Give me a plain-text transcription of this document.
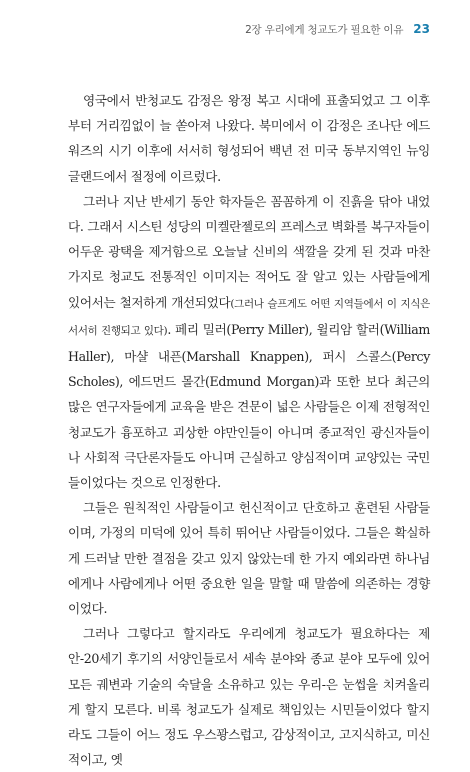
2장 우리에게 청교도가 필요한 이유 23

영국에서 반청교도 감정은 왕정 복고 시대에 표출되었고 그 이후부터 거리낌없이 늘 쏟아져 나왔다. 북미에서 이 감정은 조나단 에드워즈의 시기 이후에 서서히 형성되어 백년 전 미국 동부지역인 뉴잉글랜드에서 절정에 이르렀다.

그러나 지난 반세기 동안 학자들은 꼼꼼하게 이 진흙을 닦아 내었다. 그래서 시스틴 성당의 미켈란젤로의 프레스코 벽화를 복구자들이 어두운 광택을 제거함으로 오늘날 신비의 색깔을 갖게 된 것과 마찬가지로 청교도 전통적인 이미지는 적어도 잘 알고 있는 사람들에게 있어서는 철저하게 개선되었다(그러나 슬프게도 어떤 지역들에서 이 지식은 서서히 진행되고 있다). 페리 밀러(Perry Miller), 윌리암 할러(William Haller), 마샬 내픈(Marshall Knappen), 퍼시 스콜스(Percy Scholes), 에드먼드 몰간(Edmund Morgan)과 또한 보다 최근의 많은 연구자들에게 교육을 받은 견문이 넓은 사람들은 이제 전형적인 청교도가 흉포하고 괴상한 야만인들이 아니며 종교적인 광신자들이나 사회적 극단론자들도 아니며 근실하고 양심적이며 교양있는 국민들이었다는 것으로 인정한다.

그들은 원칙적인 사람들이고 헌신적이고 단호하고 훈련된 사람들이며, 가정의 미덕에 있어 특히 뛰어난 사람들이었다. 그들은 확실하게 드러날 만한 결점을 갖고 있지 않았는데 한 가지 예외라면 하나님에게나 사람에게나 어떤 중요한 일을 말할 때 말씀에 의존하는 경향이었다.

그러나 그렇다고 할지라도 우리에게 청교도가 필요하다는 제안-20세기 후기의 서양인들로서 세속 분야와 종교 분야 모두에 있어 모든 궤변과 기술의 숙달을 소유하고 있는 우리-은 눈썹을 치켜올리게 할지 모른다. 비록 청교도가 실제로 책임있는 시민들이었다 할지라도 그들이 어느 정도 우스꽝스럽고, 감상적이고, 고지식하고, 미신적이고, 옛
